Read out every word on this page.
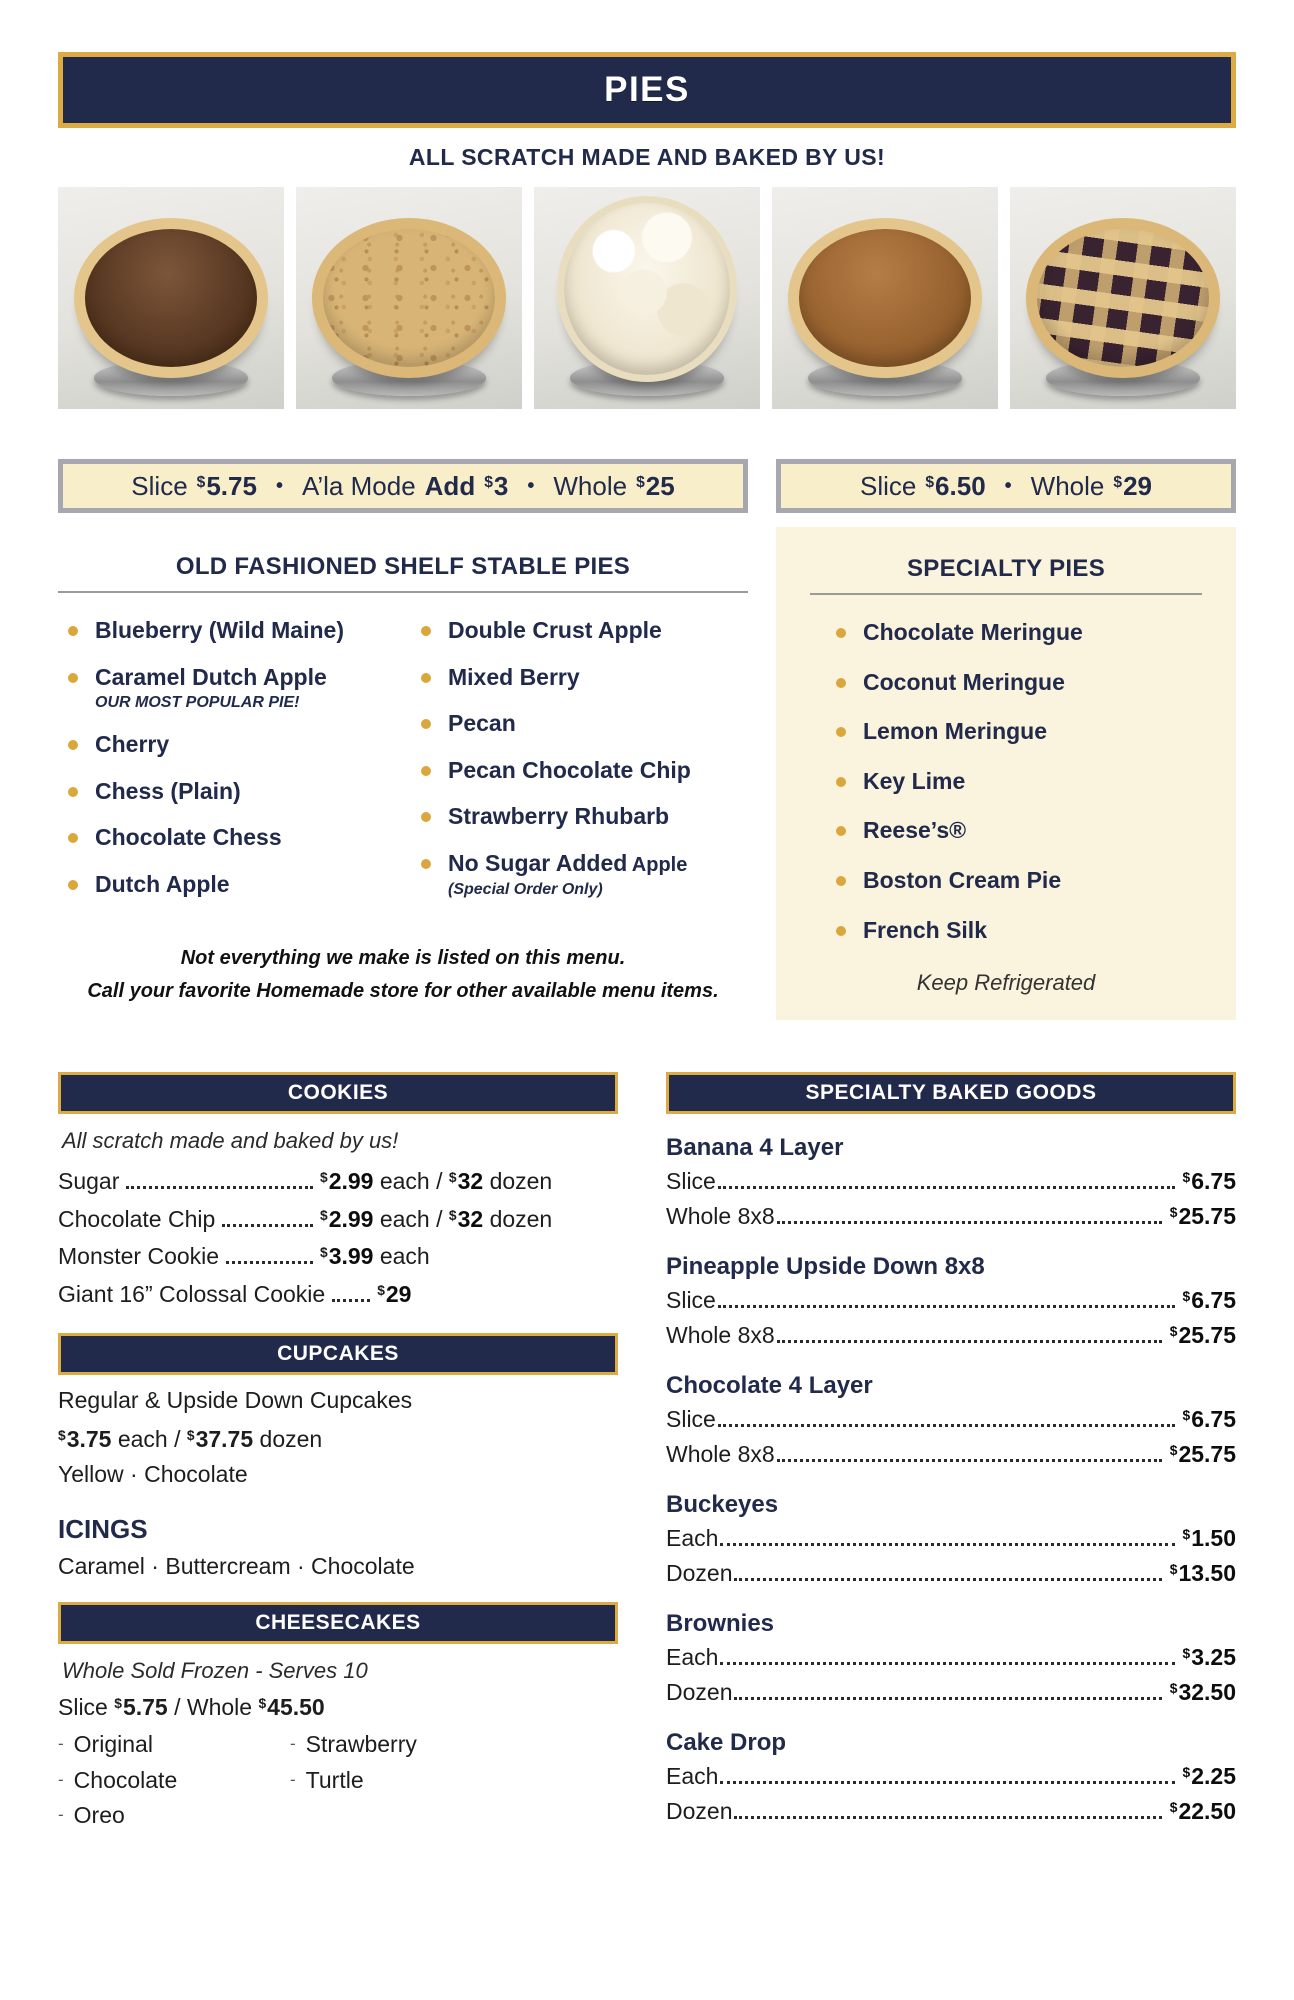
PIES
ALL SCRATCH MADE AND BAKED BY US!
Slice $5.75 • A’la Mode Add $3 • Whole $25	Slice $6.50 • Whole $29
OLD FASHIONED SHELF STABLE PIES
Blueberry (Wild Maine)
Caramel Dutch Apple
OUR MOST POPULAR PIE!
Cherry
Chess (Plain)
Chocolate Chess
Dutch Apple
Double Crust Apple
Mixed Berry
Pecan
Pecan Chocolate Chip
Strawberry Rhubarb
No Sugar Added Apple
(Special Order Only)
Not everything we make is listed on this menu.
Call your favorite Homemade store for other available menu items.
SPECIALTY PIES
Chocolate Meringue
Coconut Meringue
Lemon Meringue
Key Lime
Reese’s®
Boston Cream Pie
French Silk
Keep Refrigerated
COOKIES
All scratch made and baked by us!
Sugar	$2.99 each / $32 dozen
Chocolate Chip	$2.99 each / $32 dozen
Monster Cookie	$3.99 each
Giant 16” Colossal Cookie	$29
CUPCAKES
Regular & Upside Down Cupcakes
$3.75 each / $37.75 dozen
Yellow · Chocolate
ICINGS
Caramel · Buttercream · Chocolate
CHEESECAKES
Whole Sold Frozen - Serves 10
Slice $5.75 / Whole $45.50
- Original
- Chocolate
- Oreo
- Strawberry
- Turtle
SPECIALTY BAKED GOODS
Banana 4 Layer
Slice	$6.75
Whole 8x8	$25.75
Pineapple Upside Down 8x8
Slice	$6.75
Whole 8x8	$25.75
Chocolate 4 Layer
Slice	$6.75
Whole 8x8	$25.75
Buckeyes
Each	$1.50
Dozen	$13.50
Brownies
Each	$3.25
Dozen	$32.50
Cake Drop
Each	$2.25
Dozen	$22.50
